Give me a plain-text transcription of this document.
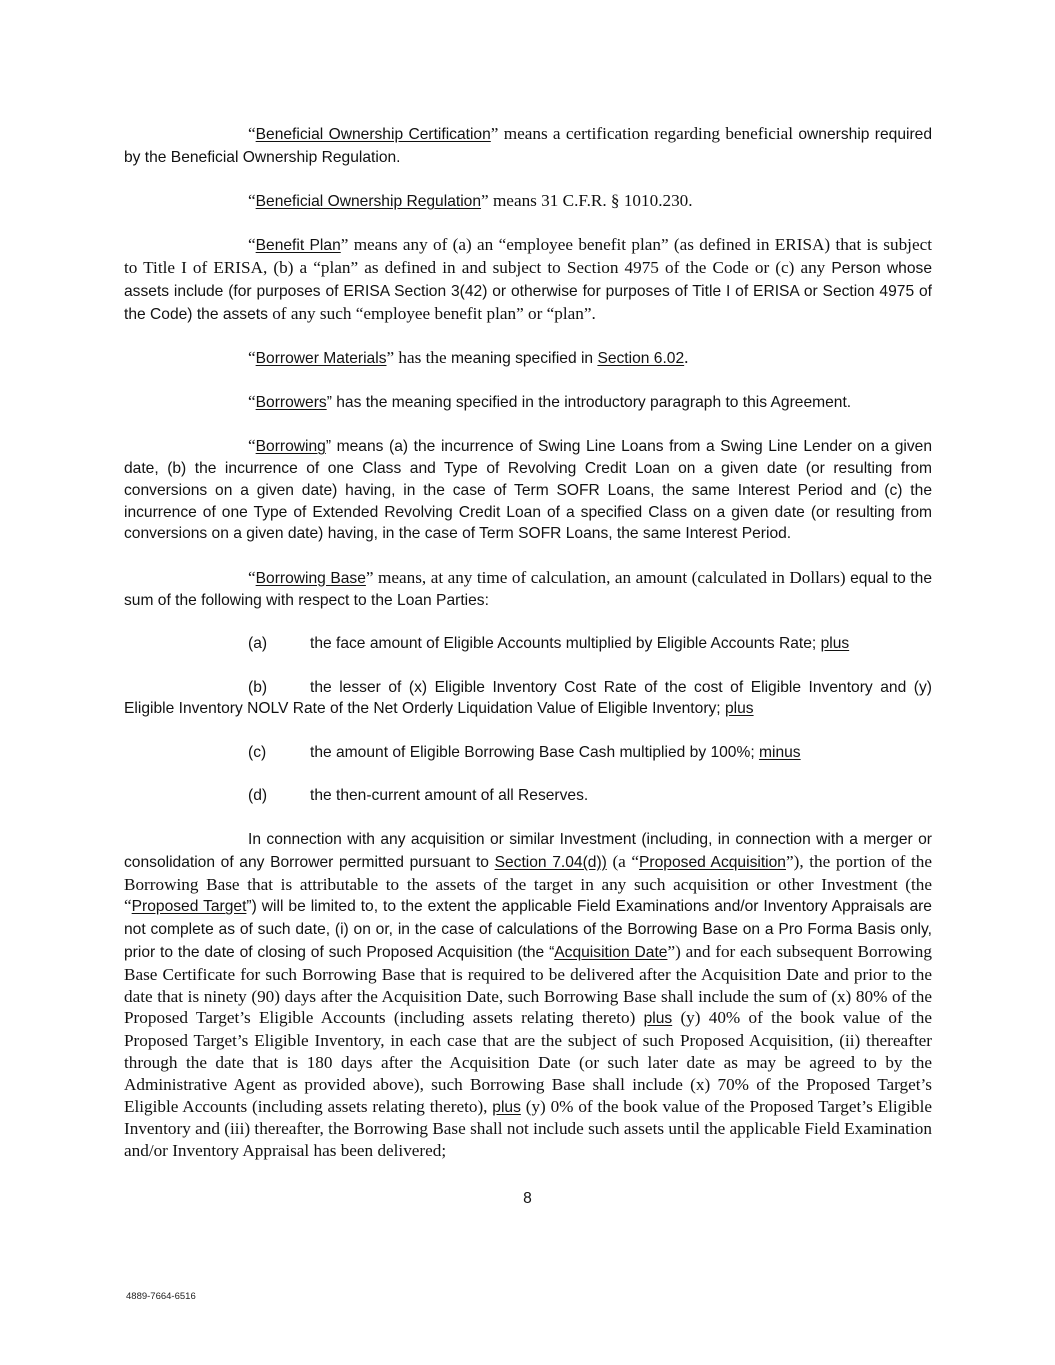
“Beneficial Ownership Certification” means a certification regarding beneficial ownership required by the Beneficial Ownership Regulation.

“Beneficial Ownership Regulation” means 31 C.F.R. § 1010.230.

“Benefit Plan” means any of (a) an “employee benefit plan” (as defined in ERISA) that is subject to Title I of ERISA, (b) a “plan” as defined in and subject to Section 4975 of the Code or (c) any Person whose assets include (for purposes of ERISA Section 3(42) or otherwise for purposes of Title I of ERISA or Section 4975 of the Code) the assets of any such “employee benefit plan” or “plan”.

“Borrower Materials” has the meaning specified in Section 6.02.

“Borrowers” has the meaning specified in the introductory paragraph to this Agreement.

“Borrowing” means (a) the incurrence of Swing Line Loans from a Swing Line Lender on a given date, (b) the incurrence of one Class and Type of Revolving Credit Loan on a given date (or resulting from conversions on a given date) having, in the case of Term SOFR Loans, the same Interest Period and (c) the incurrence of one Type of Extended Revolving Credit Loan of a specified Class on a given date (or resulting from conversions on a given date) having, in the case of Term SOFR Loans, the same Interest Period.

“Borrowing Base” means, at any time of calculation, an amount (calculated in Dollars) equal to the sum of the following with respect to the Loan Parties:

(a)	the face amount of Eligible Accounts multiplied by Eligible Accounts Rate; plus

(b)	the lesser of (x) Eligible Inventory Cost Rate of the cost of Eligible Inventory and (y) Eligible Inventory NOLV Rate of the Net Orderly Liquidation Value of Eligible Inventory; plus

(c)	the amount of Eligible Borrowing Base Cash multiplied by 100%; minus

(d)	the then-current amount of all Reserves.

In connection with any acquisition or similar Investment (including, in connection with a merger or consolidation of any Borrower permitted pursuant to Section 7.04(d)) (a “Proposed Acquisition”), the portion of the Borrowing Base that is attributable to the assets of the target in any such acquisition or other Investment (the “Proposed Target”) will be limited to, to the extent the applicable Field Examinations and/or Inventory Appraisals are not complete as of such date, (i) on or, in the case of calculations of the Borrowing Base on a Pro Forma Basis only, prior to the date of closing of such Proposed Acquisition (the “Acquisition Date”) and for each subsequent Borrowing Base Certificate for such Borrowing Base that is required to be delivered after the Acquisition Date and prior to the date that is ninety (90) days after the Acquisition Date, such Borrowing Base shall include the sum of (x) 80% of the Proposed Target’s Eligible Accounts (including assets relating thereto) plus (y) 40% of the book value of the Proposed Target’s Eligible Inventory, in each case that are the subject of such Proposed Acquisition, (ii) thereafter through the date that is 180 days after the Acquisition Date (or such later date as may be agreed to by the Administrative Agent as provided above), such Borrowing Base shall include (x) 70% of the Proposed Target’s Eligible Accounts (including assets relating thereto), plus (y) 0% of the book value of the Proposed Target’s Eligible Inventory and (iii) thereafter, the Borrowing Base shall not include such assets until the applicable Field Examination and/or Inventory Appraisal has been delivered;

8
4889-7664-6516
